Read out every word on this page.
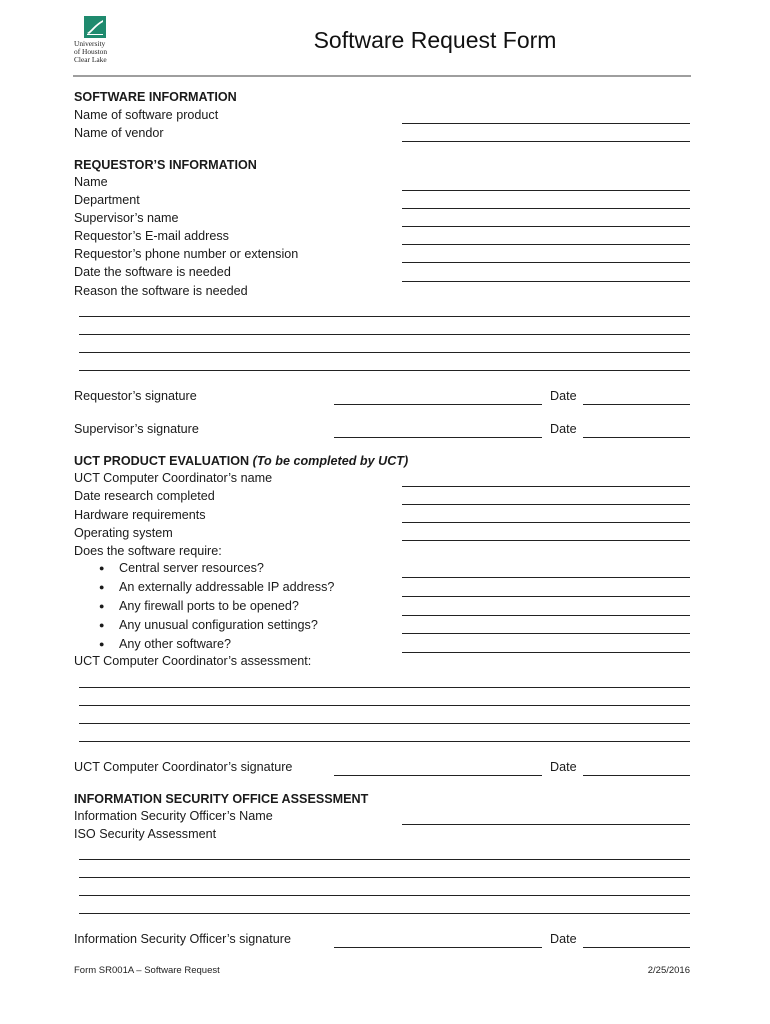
University
of Houston
Clear Lake
Software Request Form
SOFTWARE INFORMATION
Name of software product
Name of vendor
REQUESTOR’S INFORMATION
Name
Department
Supervisor’s name
Requestor’s E-mail address
Requestor’s phone number or extension
Date the software is needed
Reason the software is needed
Requestor’s signature	Date
Supervisor’s signature	Date
UCT PRODUCT EVALUATION (To be completed by UCT)
UCT Computer Coordinator’s name
Date research completed
Hardware requirements
Operating system
Does the software require:
● Central server resources?
● An externally addressable IP address?
● Any firewall ports to be opened?
● Any unusual configuration settings?
● Any other software?
UCT Computer Coordinator’s assessment:
UCT Computer Coordinator’s signature	Date
INFORMATION SECURITY OFFICE ASSESSMENT
Information Security Officer’s Name
ISO Security Assessment
Information Security Officer’s signature	Date
Form SR001A – Software Request	2/25/2016
